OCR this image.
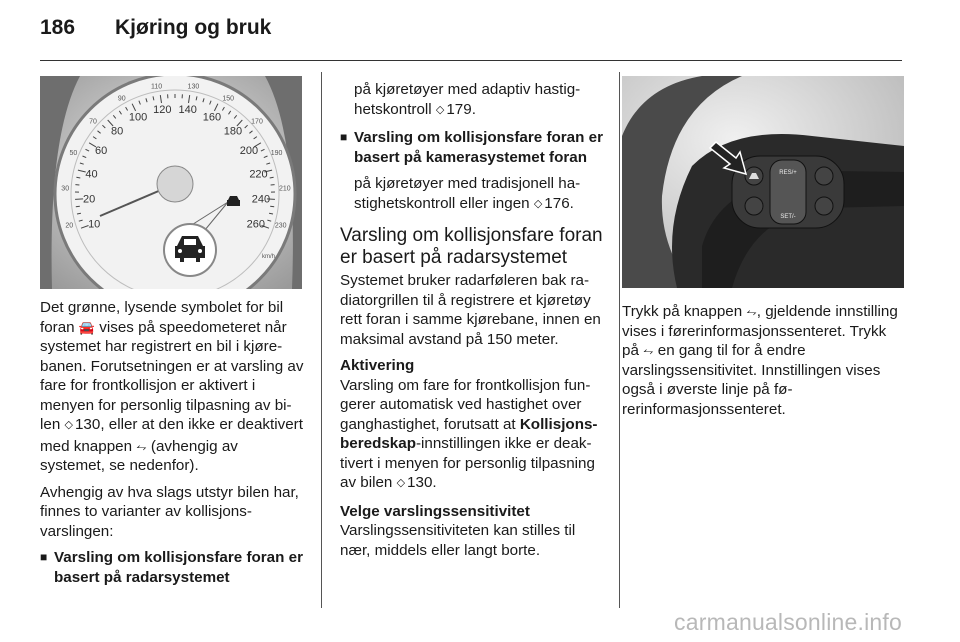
186	Kjøring og bruk
10
20
40
60
80
100
120 140
160
180
200
220
240
260
20
30
50
70
90
110	130
150
170
190
210
230
km/h
RES/+
SET/-

Det grønne, lysende symbolet for bil foran 🚘 vises på speedometeret når systemet har registrert en bil i kjørebanen. Forutsetningen er at varsling av fare for frontkollisjon er aktivert i menyen for personlig tilpasning av bilen ◇ 130, eller at den ikke er deaktivert med knappen ⥊ (avhengig av systemet, se nedenfor).

Avhengig av hva slags utstyr bilen har, finnes to varianter av kollisjonsvarslingen:

■ Varsling om kollisjonsfare foran er basert på radarsystemet

på kjøretøyer med adaptiv hastighetskontroll ◇ 179.

■ Varsling om kollisjonsfare foran er basert på kamerasystemet foran

på kjøretøyer med tradisjonell hastighetskontroll eller ingen ◇ 176.

Varsling om kollisjonsfare foran er basert på radarsystemet

Systemet bruker radarføleren bak radiatorgrillen til å registrere et kjøretøy rett foran i samme kjørebane, innen en maksimal avstand på 150 meter.

Aktivering

Varsling om fare for frontkollisjon fungerer automatisk ved hastighet over ganghastighet, forutsatt at Kollisjonsberedskap-innstillingen ikke er deaktivert i menyen for personlig tilpasning av bilen ◇ 130.

Velge varslingssensitivitet

Varslingssensitiviteten kan stilles til nær, middels eller langt borte.

Trykk på knappen ⥊, gjeldende innstilling vises i førerinformasjonssenteret. Trykk på ⥊ en gang til for å endre varslingssensitivitet. Innstillingen vises også i øverste linje på førerinformasjonssenteret.

carmanualsonline.info
